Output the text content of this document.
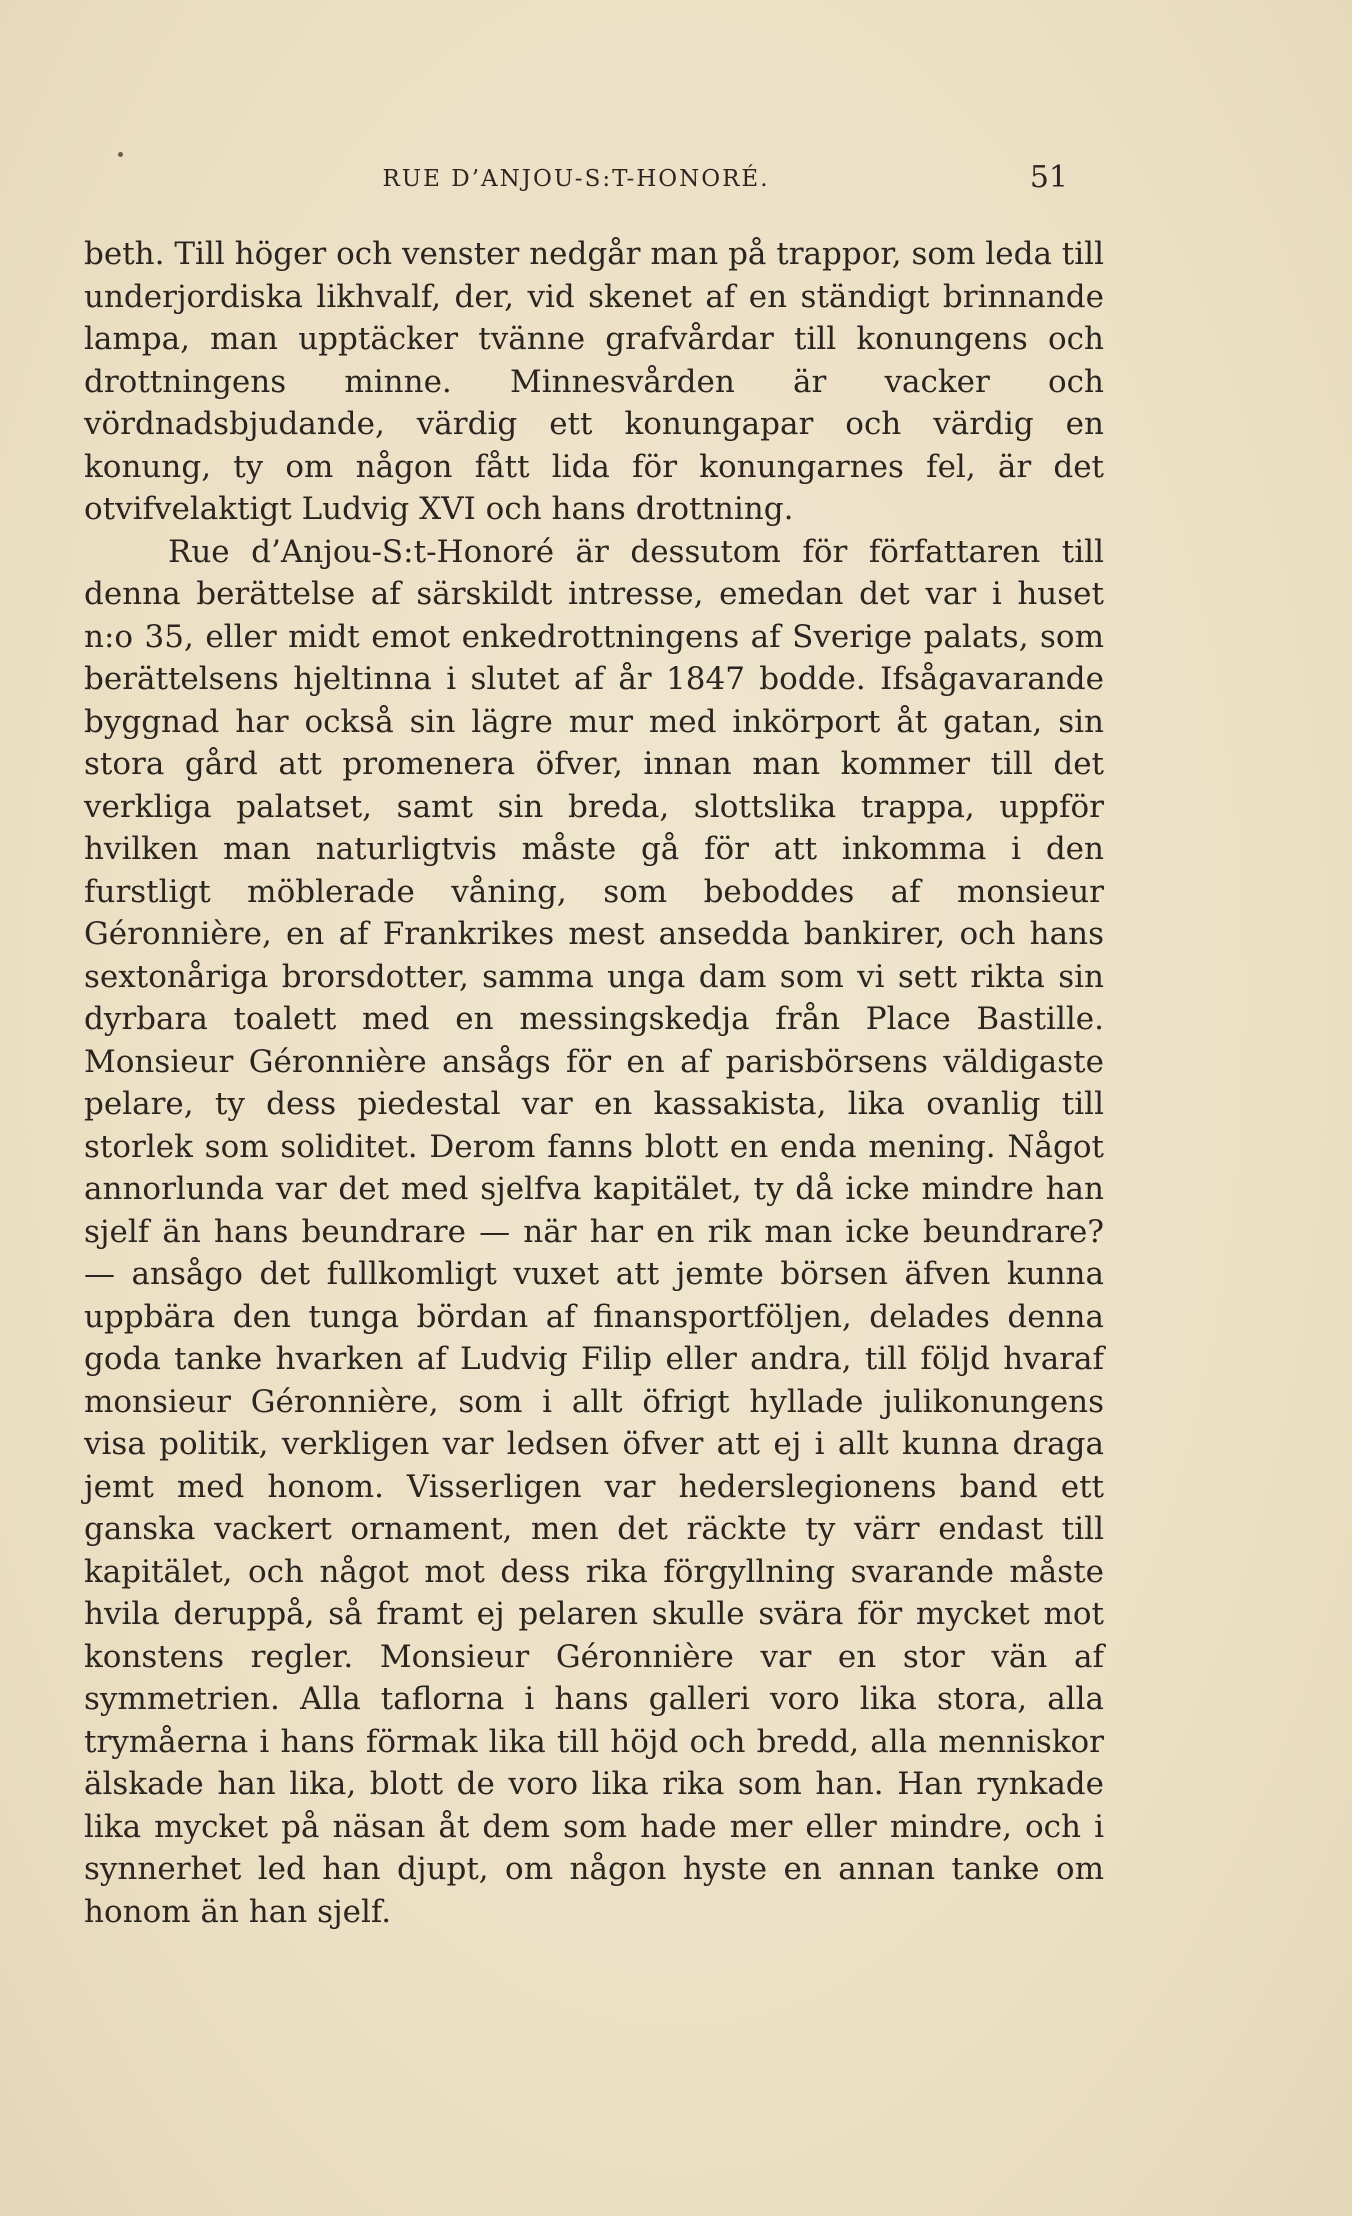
RUE D’ANJOU-S:T-HONORÉ.	51

beth. Till höger och venster nedgår man på trappor, som leda till underjordiska likhvalf, der, vid skenet af en ständigt brinnande lampa, man upptäcker tvänne grafvårdar till konungens och drottningens minne. Minnesvården är vacker och vördnadsbjudande, värdig ett konungapar och värdig en konung, ty om någon fått lida för konungarnes fel, är det otvifvelaktigt Ludvig XVI och hans drottning.

Rue d’Anjou-S:t-Honoré är dessutom för författaren till denna berättelse af särskildt intresse, emedan det var i huset n:o 35, eller midt emot enkedrottningens af Sverige palats, som berättelsens hjeltinna i slutet af år 1847 bodde. Ifsågavarande byggnad har också sin lägre mur med inkörport åt gatan, sin stora gård att promenera öfver, innan man kommer till det verkliga palatset, samt sin breda, slottslika trappa, uppför hvilken man naturligtvis måste gå för att inkomma i den furstligt möblerade våning, som beboddes af monsieur Géronnière, en af Frankrikes mest ansedda bankirer, och hans sextonåriga brorsdotter, samma unga dam som vi sett rikta sin dyrbara toalett med en messingskedja från Place Bastille. Monsieur Géronnière ansågs för en af parisbörsens väldigaste pelare, ty dess piedestal var en kassakista, lika ovanlig till storlek som soliditet. Derom fanns blott en enda mening. Något annorlunda var det med sjelfva kapitälet, ty då icke mindre han sjelf än hans beundrare — när har en rik man icke beundrare? — ansågo det fullkomligt vuxet att jemte börsen äfven kunna uppbära den tunga bördan af finansportföljen, delades denna goda tanke hvarken af Ludvig Filip eller andra, till följd hvaraf monsieur Géronnière, som i allt öfrigt hyllade julikonungens visa politik, verkligen var ledsen öfver att ej i allt kunna draga jemt med honom. Visserligen var hederslegionens band ett ganska vackert ornament, men det räckte ty värr endast till kapitälet, och något mot dess rika förgyllning svarande måste hvila deruppå, så framt ej pelaren skulle svära för mycket mot konstens regler. Monsieur Géronnière var en stor vän af symmetrien. Alla taflorna i hans galleri voro lika stora, alla trymåerna i hans förmak lika till höjd och bredd, alla menniskor älskade han lika, blott de voro lika rika som han. Han rynkade lika mycket på näsan åt dem som hade mer eller mindre, och i synnerhet led han djupt, om någon hyste en annan tanke om honom än han sjelf.
